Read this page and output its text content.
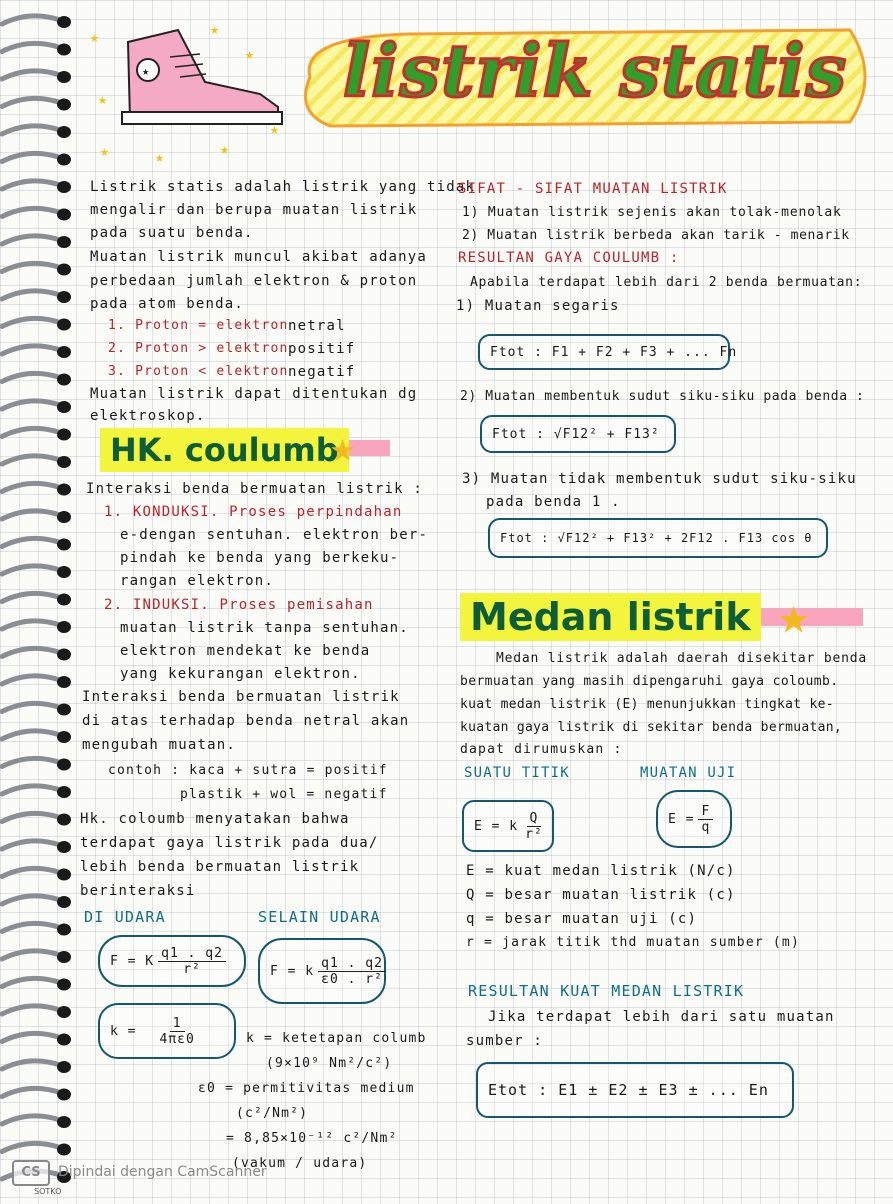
★
★	★
★
★
★
★
★
★
listrik statis
Listrik statis adalah listrik yang tidak
mengalir dan berupa muatan listrik
pada suatu benda.
Muatan listrik muncul akibat adanya
perbedaan jumlah elektron & proton
pada atom benda.
1. Proton = elektron netral
2. Proton > elektron positif
3. Proton < elektron negatif
Muatan listrik dapat ditentukan dg
elektroskop.
HK. coulumb
★
Interaksi benda bermuatan listrik :
1. KONDUKSI. Proses perpindahan
e-dengan sentuhan. elektron ber-
pindah ke benda yang berkeku-
rangan elektron.
2. INDUKSI. Proses pemisahan
muatan listrik tanpa sentuhan.
elektron mendekat ke benda
yang kekurangan elektron.
Interaksi benda bermuatan listrik
di atas terhadap benda netral akan
mengubah muatan.
contoh : kaca + sutra = positif
plastik + wol = negatif
Hk. coloumb menyatakan bahwa
terdapat gaya listrik pada dua/
lebih benda bermuatan listrik
berinteraksi
DI UDARA	SELAIN UDARA
F = K $\frac{q1 . q2}{\text{r²}}$	F = k $\frac{q1 . q2}{\text{ε0 . r²}}$
$k = \frac{1}{4\pi\varepsilon 0}$	k = ketetapan columb
(9×10⁹ Nm²/c²)
ε0 = permitivitas medium
(c²/Nm²)
= 8,85×10⁻¹² c²/Nm²
(vakum / udara)
SIFAT - SIFAT MUATAN LISTRIK
1) Muatan listrik sejenis akan tolak-menolak
2) Muatan listrik berbeda akan tarik - menarik
RESULTAN GAYA COULUMB :
Apabila terdapat lebih dari 2 benda bermuatan:
1) Muatan segaris
Ftot : F1 + F2 + F3 + ... Fn
2) Muatan membentuk sudut siku-siku pada benda :
Ftot : √F12² + F13²
3) Muatan tidak membentuk sudut siku-siku
pada benda 1 .
Ftot : √F12² + F13² + 2F12 . F13 cos θ
Medan listrik ★
Medan listrik adalah daerah disekitar benda
bermuatan yang masih dipengaruhi gaya coloumb.
kuat medan listrik (E) menunjukkan tingkat ke-
kuatan gaya listrik di sekitar benda bermuatan,
dapat dirumuskan :
SUATU TITIK	MUATAN UJI
E = k $\frac{Q}{\text{r²}}$	$E = \frac{F}{q}$
E = kuat medan listrik (N/c)
Q = besar muatan listrik (c)
q = besar muatan uji (c)
r = jarak titik thd muatan sumber (m)
RESULTAN KUAT MEDAN LISTRIK
Jika terdapat lebih dari satu muatan
sumber :
Etot : E1 ± E2 ± E3 ± ... En
CS	Dipindai dengan CamScanner
SOTKO
